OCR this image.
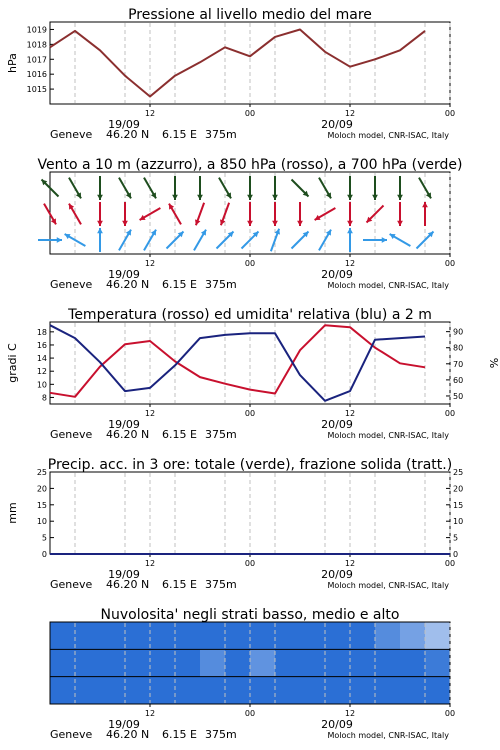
12	00	12	00
19/09	20/09
Geneve 46.20 N 6.15 E 375m	Moloch model, CNR-ISAC, Italy
Pressione al livello medio del mare
1015
1016
1017
1018
1019
hPa
12	00	12	00
19/09	20/09
Geneve 46.20 N 6.15 E 375m	Moloch model, CNR-ISAC, Italy
Vento a 10 m (azzurro), a 850 hPa (rosso), a 700 hPa (verde)
12	00	12	00
19/09	20/09
Geneve 46.20 N 6.15 E 375m	Moloch model, CNR-ISAC, Italy
Temperatura (rosso) ed umidita' relativa (blu) a 2 m
8
10
12
14
16
18
gradi C
50
60
70
80
90
%
12	00	12	00
19/09	20/09
Geneve 46.20 N 6.15 E 375m	Moloch model, CNR-ISAC, Italy
Precip. acc. in 3 ore: totale (verde), frazione solida (tratt.)
0
5
10
15
20
25
mm
0
5
10
15
20
25
12	00	12	00
19/09	20/09
Geneve 46.20 N 6.15 E 375m	Moloch model, CNR-ISAC, Italy
Nuvolosita' negli strati basso, medio e alto
